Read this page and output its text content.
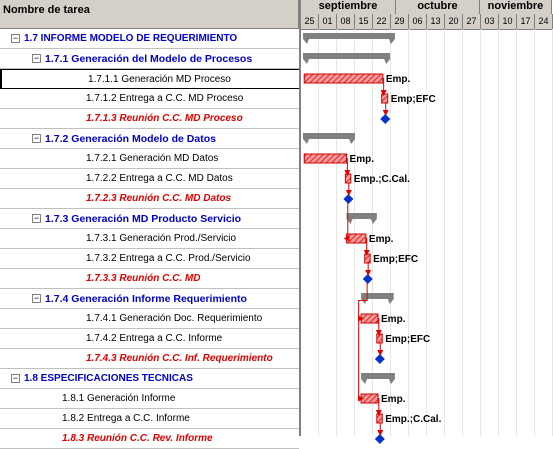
Nombre de tarea
− 1.7 INFORME MODELO DE REQUERIMIENTO
− 1.7.1 Generación del Modelo de Procesos
1.7.1.1 Generación MD Proceso
1.7.1.2 Entrega a C.C. MD Proceso
1.7.1.3 Reunión C.C. MD Proceso
− 1.7.2 Generación Modelo de Datos
1.7.2.1 Generación MD Datos
1.7.2.2 Entrega a C.C. MD Datos
1.7.2.3 Reunión C.C. MD Datos
− 1.7.3 Generación MD Producto Servicio
1.7.3.1 Generación Prod./Servicio
1.7.3.2 Entrega a C.C. Prod./Servicio
1.7.3.3 Reunión C.C. MD
− 1.7.4 Generación Informe Requerimiento
1.7.4.1 Generación Doc. Requerimiento
1.7.4.2 Entrega a C.C. Informe
1.7.4.3 Reunión C.C. Inf. Requerimiento
− 1.8 ESPECIFICACIONES TECNICAS
1.8.1 Generación Informe
1.8.2 Entrega a C.C. Informe
1.8.3 Reunión C.C. Rev. Informe
septiembre	octubre	noviembre
25 01 08 15 22 29 06 13 20 27 03 10 17 24
Emp.
Emp;EFC
Emp.
Emp.;C.Cal.
Emp.
Emp;EFC
Emp.
Emp;EFC
Emp.
Emp.;C.Cal.
